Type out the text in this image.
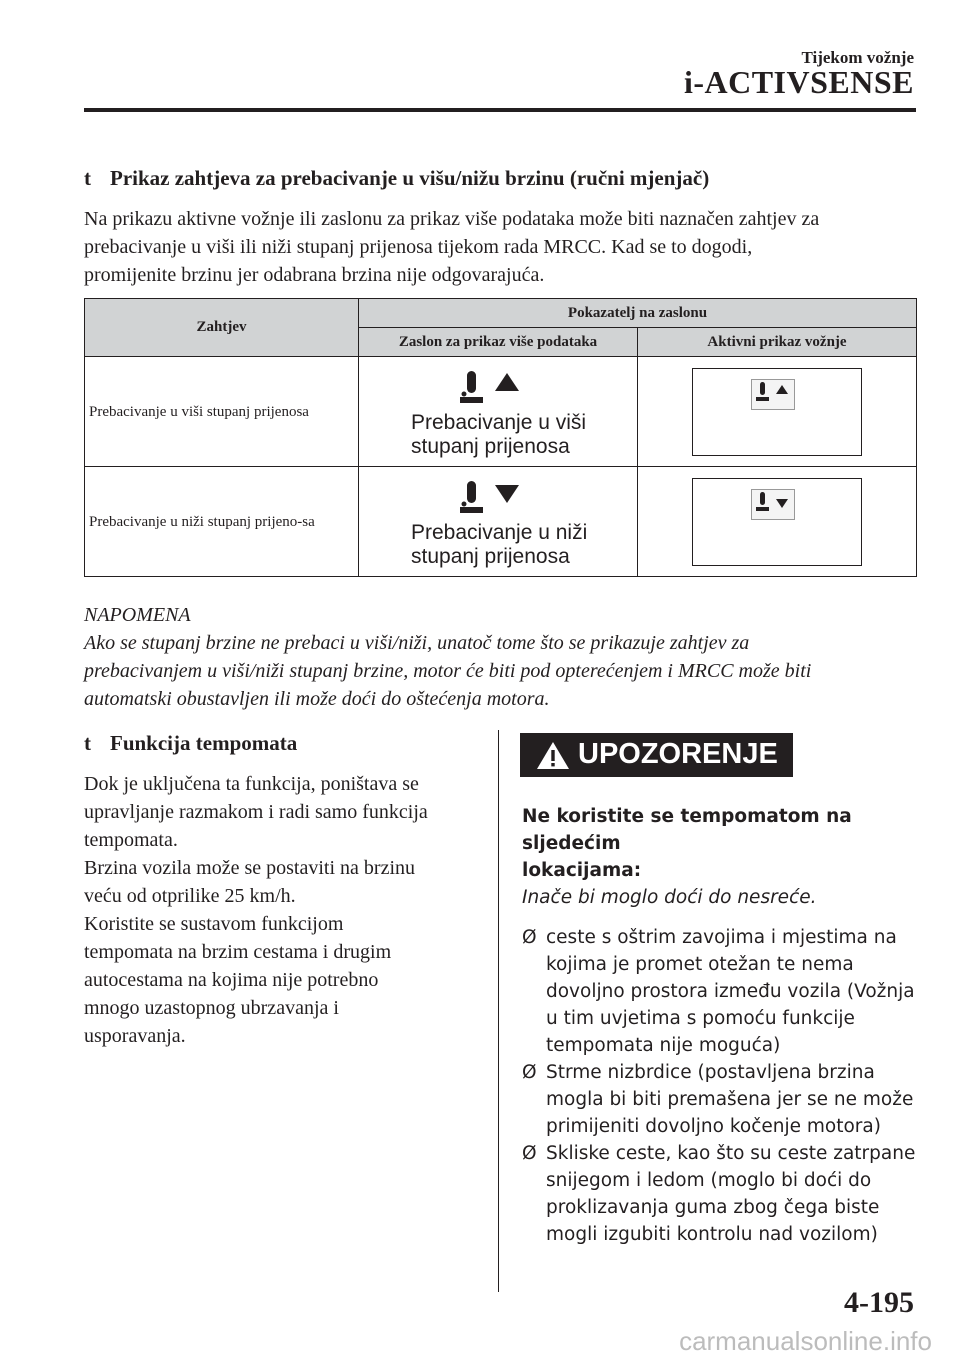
Tijekom vožnje
i-ACTIVSENSE
t Prikaz zahtjeva za prebacivanje u višu/nižu brzinu (ručni mjenjač)
Na prikazu aktivne vožnje ili zaslonu za prikaz više podataka može biti naznačen zahtjev za
prebacivanje u viši ili niži stupanj prijenosa tijekom rada MRCC. Kad se to dogodi,
promijenite brzinu jer odabrana brzina nije odgovarajuća.
Zahtjev	Pokazatelj na zaslonu	
	Zaslon za prikaz više podataka	Aktivni prikaz vožnje
Prebacivanje u viši stupanj prijenosa	Prebacivanje u viši
stupanj prijenosa

Prebacivanje u niži stupanj prijeno-sa	Prebacivanje u niži
stupanj prijenosa

NAPOMENA
Ako se stupanj brzine ne prebaci u viši/niži, unatoč tome što se prikazuje zahtjev za
prebacivanjem u viši/niži stupanj brzine, motor će biti pod opterećenjem i MRCC može biti
automatski obustavljen ili može doći do oštećenja motora.
t Funkcija tempomata
Dok je uključena ta funkcija, poništava se
upravljanje razmakom i radi samo funkcija
tempomata.
Brzina vozila može se postaviti na brzinu
veću od otprilike 25 km/h.
Koristite se sustavom funkcijom
tempomata na brzim cestama i drugim
autocestama na kojima nije potrebno
mnogo uzastopnog ubrzavanja i
usporavanja.
UPOZORENJE
Ne koristite se tempomatom na sljedećim
lokacijama:
Inače bi moglo doći do nesreće.
Ø ceste s oštrim zavojima i mjestima na
kojima je promet otežan te nema
dovoljno prostora između vozila (Vožnja
u tim uvjetima s pomoću funkcije
tempomata nije moguća)
Ø Strme nizbrdice (postavljena brzina
mogla bi biti premašena jer se ne može
primijeniti dovoljno kočenje motora)
Ø Skliske ceste, kao što su ceste zatrpane
snijegom i ledom (moglo bi doći do
proklizavanja guma zbog čega biste
mogli izgubiti kontrolu nad vozilom)
4-195
carmanualsonline.info
